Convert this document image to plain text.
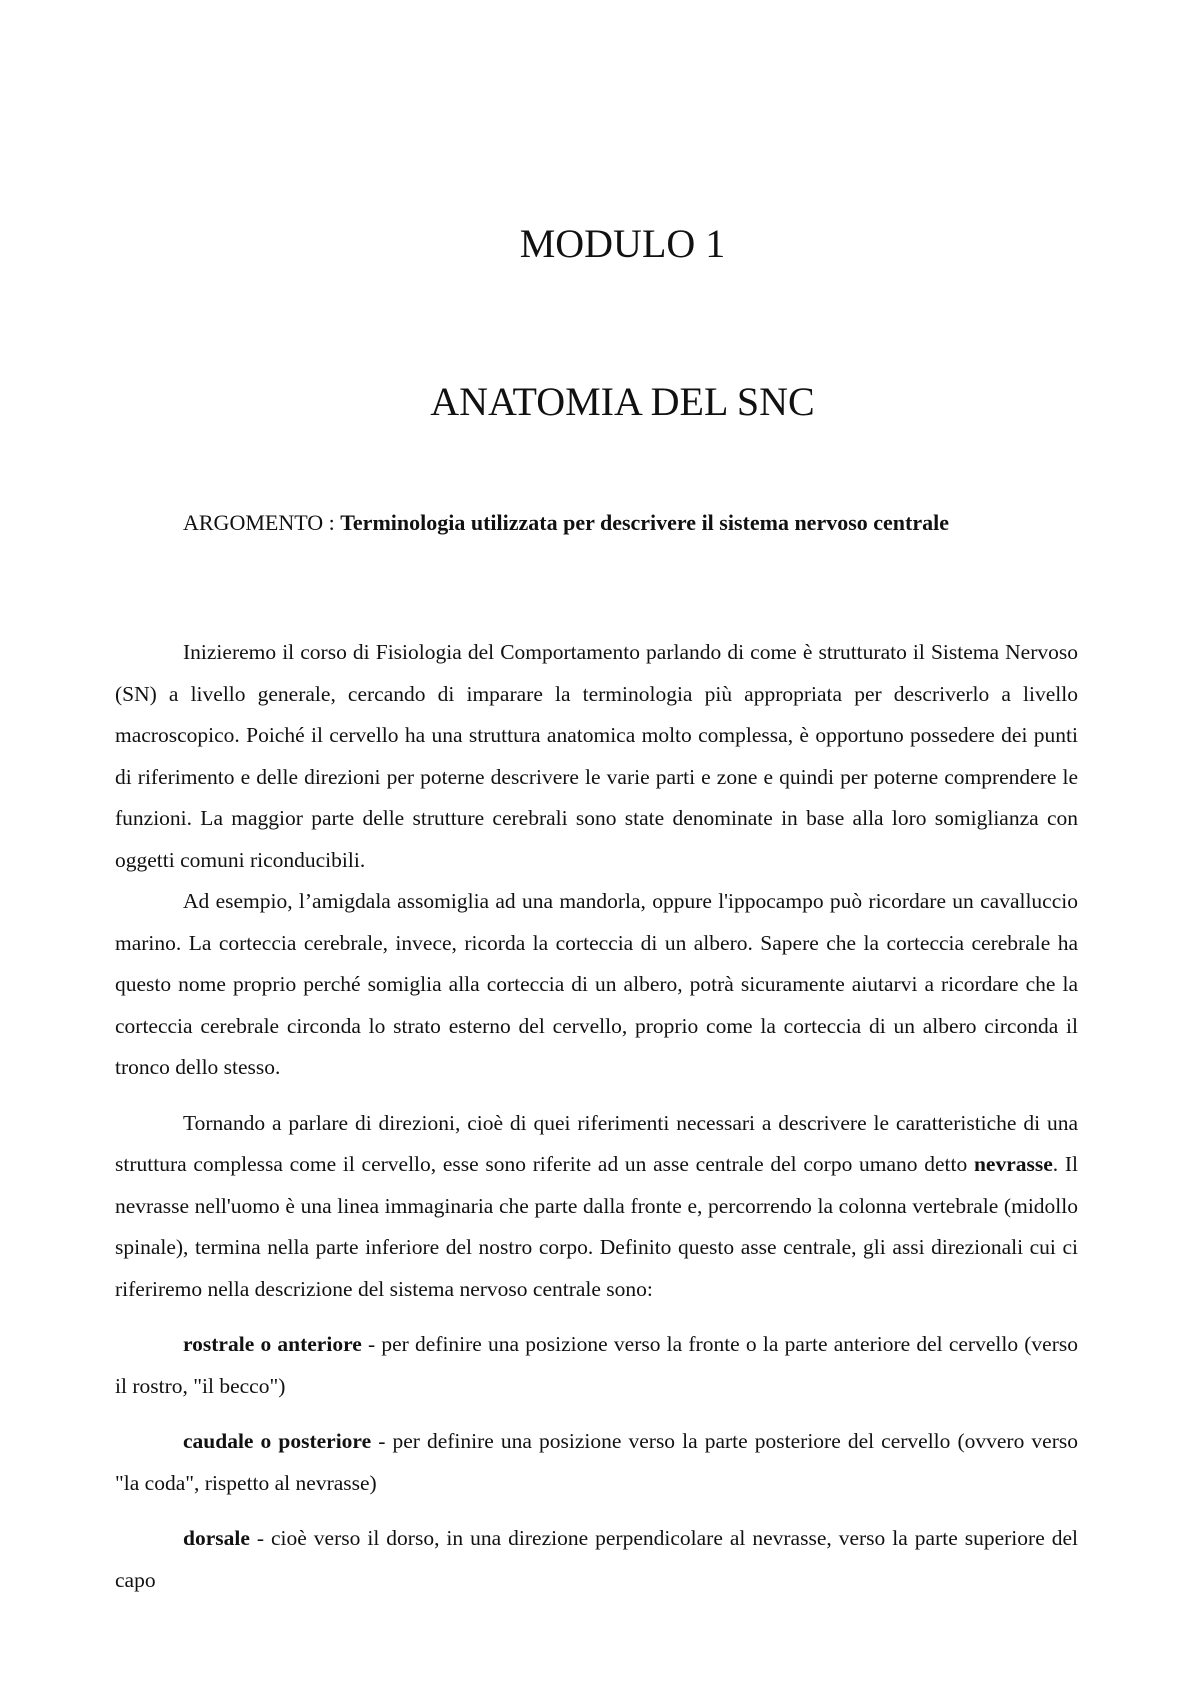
MODULO 1
ANATOMIA DEL SNC
ARGOMENTO : Terminologia utilizzata per descrivere il sistema nervoso centrale

Inizieremo il corso di Fisiologia del Comportamento parlando di come è strutturato il Sistema Nervoso (SN) a livello generale, cercando di imparare la terminologia più appropriata per descriverlo a livello macroscopico. Poiché il cervello ha una struttura anatomica molto complessa, è opportuno possedere dei punti di riferimento e delle direzioni per poterne descrivere le varie parti e zone e quindi per poterne comprendere le funzioni. La maggior parte delle strutture cerebrali sono state denominate in base alla loro somiglianza con oggetti comuni riconducibili.

Ad esempio, l’amigdala assomiglia ad una mandorla, oppure l'ippocampo può ricordare un cavalluccio marino. La corteccia cerebrale, invece, ricorda la corteccia di un albero. Sapere che la corteccia cerebrale ha questo nome proprio perché somiglia alla corteccia di un albero, potrà sicuramente aiutarvi a ricordare che la corteccia cerebrale circonda lo strato esterno del cervello, proprio come la corteccia di un albero circonda il tronco dello stesso.

Tornando a parlare di direzioni, cioè di quei riferimenti necessari a descrivere le caratteristiche di una struttura complessa come il cervello, esse sono riferite ad un asse centrale del corpo umano detto nevrasse. Il nevrasse nell'uomo è una linea immaginaria che parte dalla fronte e, percorrendo la colonna vertebrale (midollo spinale), termina nella parte inferiore del nostro corpo. Definito questo asse centrale, gli assi direzionali cui ci riferiremo nella descrizione del sistema nervoso centrale sono:

rostrale o anteriore - per definire una posizione verso la fronte o la parte anteriore del cervello (verso il rostro, "il becco")

caudale o posteriore - per definire una posizione verso la parte posteriore del cervello (ovvero verso "la coda", rispetto al nevrasse)

dorsale - cioè verso il dorso, in una direzione perpendicolare al nevrasse, verso la parte superiore del capo
